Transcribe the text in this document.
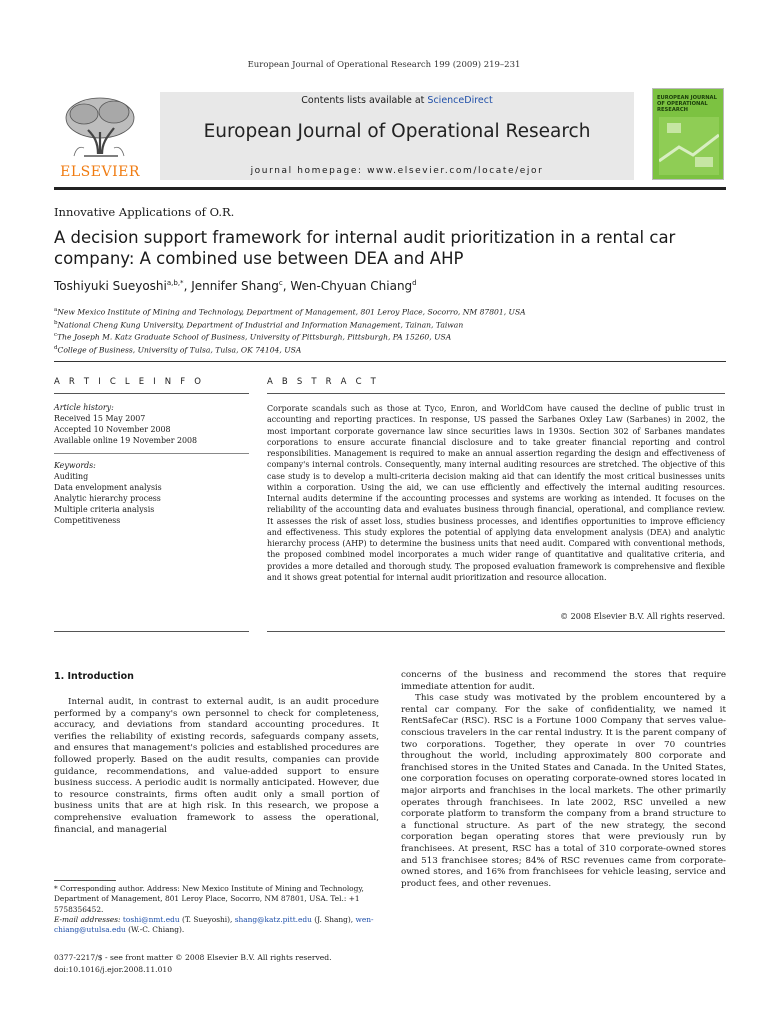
European Journal of Operational Research 199 (2009) 219–231
Contents lists available at ScienceDirect
European Journal of Operational Research
journal homepage: www.elsevier.com/locate/ejor
ELSEVIER
EUROPEAN JOURNAL OF OPERATIONAL RESEARCH
Innovative Applications of O.R.
A decision support framework for internal audit prioritization in a rental car company: A combined use between DEA and AHP
Toshiyuki Sueyoshi$^{a,b,*}$, Jennifer Shang$^c$, Wen-Chyuan Chiang$^d$
$^a$New Mexico Institute of Mining and Technology, Department of Management, 801 Leroy Place, Socorro, NM 87801, USA
$^b$National Cheng Kung University, Department of Industrial and Information Management, Tainan, Taiwan
$^c$The Joseph M. Katz Graduate School of Business, University of Pittsburgh, Pittsburgh, PA 15260, USA
$^d$College of Business, University of Tulsa, Tulsa, OK 74104, USA
A R T I C L E I N F O	A B S T R A C T
Article history:
Received 15 May 2007
Accepted 10 November 2008
Available online 19 November 2008
Keywords:
Auditing
Data envelopment analysis
Analytic hierarchy process
Multiple criteria analysis
Competitiveness
Corporate scandals such as those at Tyco, Enron, and WorldCom have caused the decline of public trust in accounting and reporting practices. In response, US passed the Sarbanes Oxley Law (Sarbanes) in 2002, the most important corporate governance law since securities laws in 1930s. Section 302 of Sarbanes mandates corporations to ensure accurate financial disclosure and to take greater financial reporting and control responsibilities. Management is required to make an annual assertion regarding the design and effectiveness of company's internal controls. Consequently, many internal auditing resources are stretched. The objective of this case study is to develop a multi-criteria decision making aid that can identify the most critical businesses units within a corporation. Using the aid, we can use efficiently and effectively the internal auditing resources. Internal audits determine if the accounting processes and systems are working as intended. It focuses on the reliability of the accounting data and evaluates business through financial, operational, and compliance review. It assesses the risk of asset loss, studies business processes, and identifies opportunities to improve efficiency and effectiveness. This study explores the potential of applying data envelopment analysis (DEA) and analytic hierarchy process (AHP) to determine the business units that need audit. Compared with conventional methods, the proposed combined model incorporates a much wider range of quantitative and qualitative criteria, and provides a more detailed and thorough study. The proposed evaluation framework is comprehensive and flexible and it shows great potential for internal audit prioritization and resource allocation.
© 2008 Elsevier B.V. All rights reserved.
1. Introduction

Internal audit, in contrast to external audit, is an audit procedure performed by a company's own personnel to check for completeness, accuracy, and deviations from standard accounting procedures. It verifies the reliability of existing records, safeguards company assets, and ensures that management's policies and established procedures are followed properly. Based on the audit results, companies can provide guidance, recommendations, and value-added support to ensure business success. A periodic audit is normally anticipated. However, due to resource constraints, firms often audit only a small portion of business units that are at high risk. In this research, we propose a comprehensive evaluation framework to assess the operational, financial, and managerial

concerns of the business and recommend the stores that require immediate attention for audit.

This case study was motivated by the problem encountered by a rental car company. For the sake of confidentiality, we named it RentSafeCar (RSC). RSC is a Fortune 1000 Company that serves value-conscious travelers in the car rental industry. It is the parent company of two corporations. Together, they operate in over 70 countries throughout the world, including approximately 800 corporate and franchised stores in the United States and Canada. In the United States, one corporation focuses on operating corporate-owned stores located in major airports and franchises in the local markets. The other primarily operates through franchisees. In late 2002, RSC unveiled a new corporate platform to transform the company from a brand structure to a functional structure. As part of the new strategy, the second corporation began operating stores that were previously run by franchisees. At present, RSC has a total of 310 corporate-owned stores and 513 franchisee stores; 84% of RSC revenues came from corporate-owned stores, and 16% from franchisees for vehicle leasing, service and product fees, and other revenues.

* Corresponding author. Address: New Mexico Institute of Mining and Technology, Department of Management, 801 Leroy Place, Socorro, NM 87801, USA. Tel.: +1 5758356452.
E-mail addresses: toshi@nmt.edu (T. Sueyoshi), shang@katz.pitt.edu (J. Shang), wen-chiang@utulsa.edu (W.-C. Chiang).
0377-2217/$ - see front matter © 2008 Elsevier B.V. All rights reserved.
doi:10.1016/j.ejor.2008.11.010
